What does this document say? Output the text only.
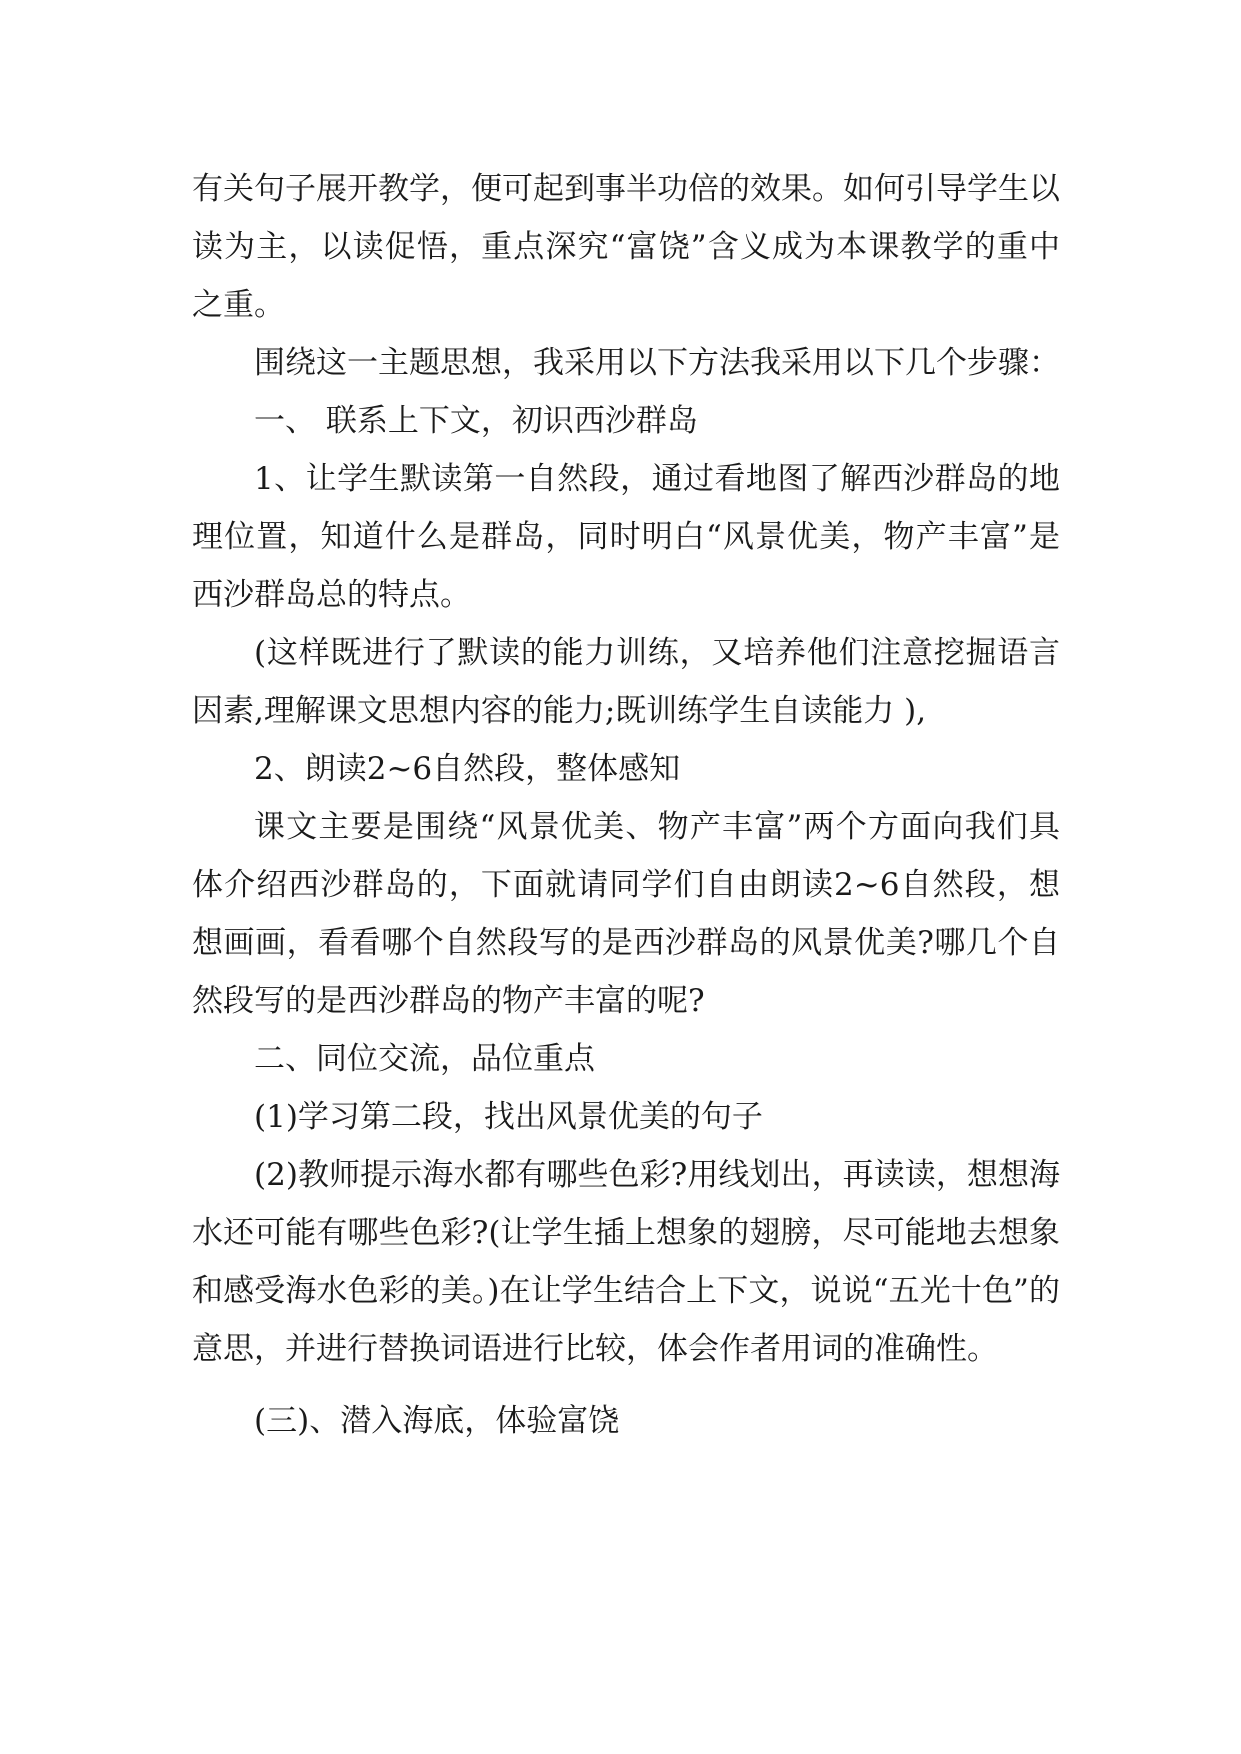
有关句子展开教学，便可起到事半功倍的效果。如何引导学生以读为主，以读促悟，重点深究“富饶”含义成为本课教学的重中之重。

围绕这一主题思想，我采用以下方法我采用以下几个步骤：

一、 联系上下文，初识西沙群岛

1、让学生默读第一自然段，通过看地图了解西沙群岛的地理位置，知道什么是群岛，同时明白“风景优美，物产丰富”是西沙群岛总的特点。

(这样既进行了默读的能力训练，又培养他们注意挖掘语言因素,理解课文思想内容的能力;既训练学生自读能力 ),

2、朗读2~6自然段，整体感知

课文主要是围绕“风景优美、物产丰富”两个方面向我们具体介绍西沙群岛的，下面就请同学们自由朗读2~6自然段，想想画画，看看哪个自然段写的是西沙群岛的风景优美?哪几个自然段写的是西沙群岛的物产丰富的呢?

二、同位交流，品位重点

(1)学习第二段，找出风景优美的句子

(2)教师提示海水都有哪些色彩?用线划出，再读读，想想海水还可能有哪些色彩?(让学生插上想象的翅膀，尽可能地去想象和感受海水色彩的美。)在让学生结合上下文，说说“五光十色”的意思，并进行替换词语进行比较，体会作者用词的准确性。

(三)、潜入海底，体验富饶
